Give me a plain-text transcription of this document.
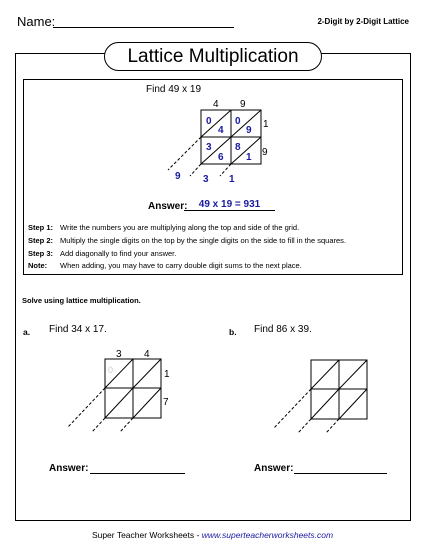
Name:	2-Digit by 2-Digit Lattice
Lattice Multiplication
Find 49 x 19
4 9
1
9
0
4
0
9
3
6
8
1
9 3 1
Answer:	49 x 19 = 931
Step 1: Write the numbers you are multiplying along the top and side of the grid.
Step 2: Multiply the single digits on the top by the single digits on the side to fill in the squares.
Step 3: Add diagonally to find your answer.
Note: When adding, you may have to carry double digit sums to the next place.
Solve using lattice multiplication.
a. Find 34 x 17.
3 4
1
7
0
Answer:
b. Find 86 x 39.
Answer:
Super Teacher Worksheets - www.superteacherworksheets.com
